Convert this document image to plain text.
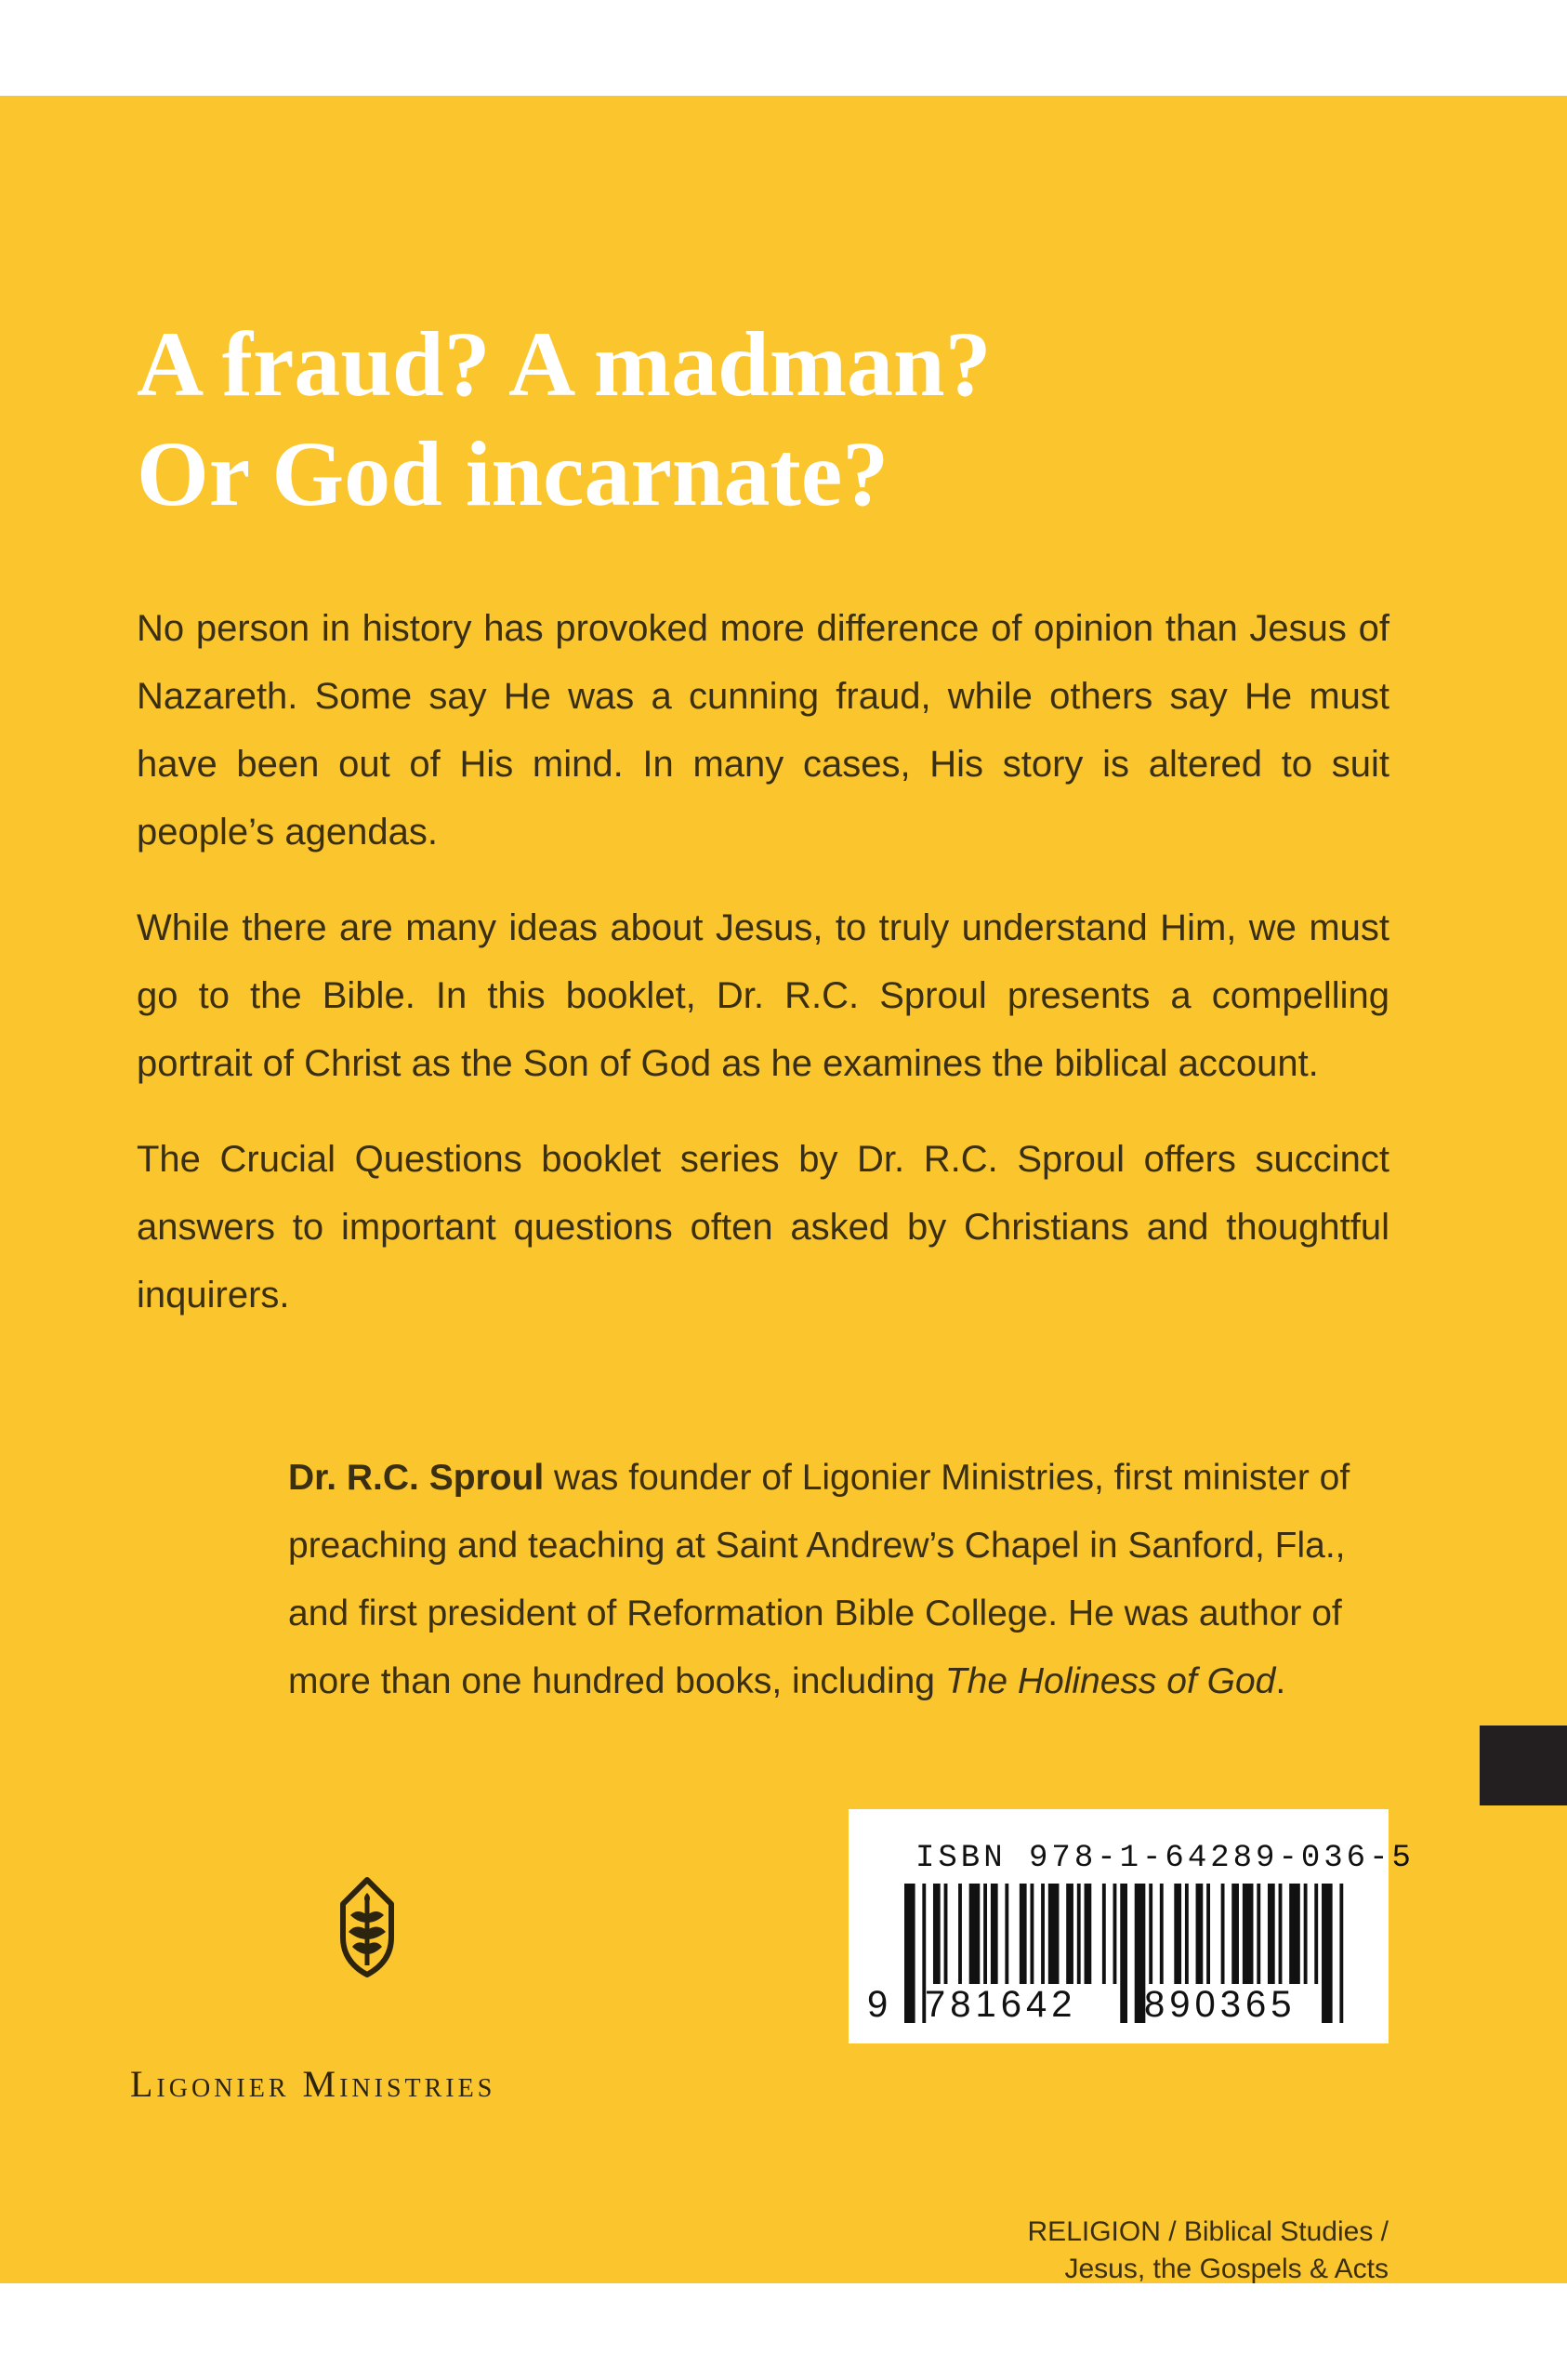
A fraud? A madman?
Or God incarnate?

No person in history has provoked more difference of opinion than Jesus of Nazareth. Some say He was a cunning fraud, while others say He must have been out of His mind. In many cases, His story is altered to suit people’s agendas.

While there are many ideas about Jesus, to truly understand Him, we must go to the Bible. In this booklet, Dr. R.C. Sproul presents a compelling portrait of Christ as the Son of God as he examines the biblical account.

The Crucial Questions booklet series by Dr. R.C. Sproul offers succinct answers to important questions often asked by Christians and thoughtful inquirers.

Dr. R.C. Sproul was founder of Ligonier Ministries, first minister of preaching and teaching at Saint Andrew’s Chapel in Sanford, Fla., and first president of Reformation Bible College. He was author of more than one hundred books, including The Holiness of God.

Ligonier Ministries
ISBN 978-1-64289-036-5
9 781642 890365
RELIGION / Biblical Studies /
Jesus, the Gospels & Acts
